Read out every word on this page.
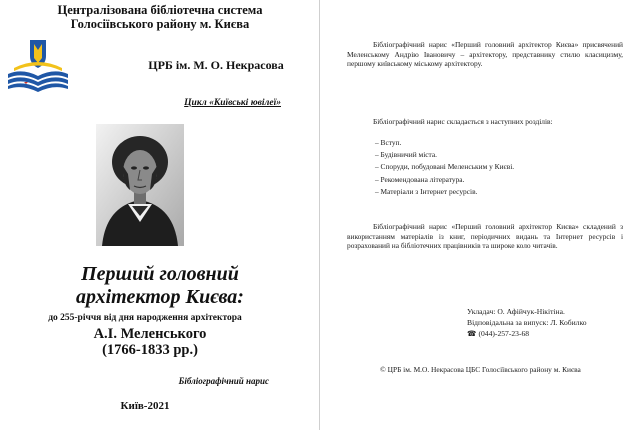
Централізована бібліотечна система
Голосіївського району м. Києва
ЦРБ ім. М. О. Некрасова
Цикл «Київські ювілеї»
Перший головний
архітектор Києва:
до 255-річчя від дня народження архітектора
А.І. Меленського
(1766-1833 рр.)
Бібліографічний нарис
Київ-2021

Бібліографічний нарис «Перший головний архітектор Києва» присвячений Меленському Андрію Івановичу – архітектору, представнику стилю класицизму, першому київському міському архітектору.

Бібліографічний нарис складається з наступних розділів:

– Вступ.
– Будівничий міста.
– Споруди, побудовані Меленським у Києві.
– Рекомендована література.
– Матеріали з Інтернет ресурсів.

Бібліографічний нарис «Перший головний архітектор Києва» складений з використанням матеріалів із книг, періодичних видань та Інтернет ресурсів і розрахований на бібліотечних працівників та широке коло читачів.

Укладач: О. Афійчук-Нікітіна.
Відповідальна за випуск: Л. Кобилко
☎ (044)-257-23-68
© ЦРБ ім. М.О. Некрасова ЦБС Голосіївського району м. Києва
